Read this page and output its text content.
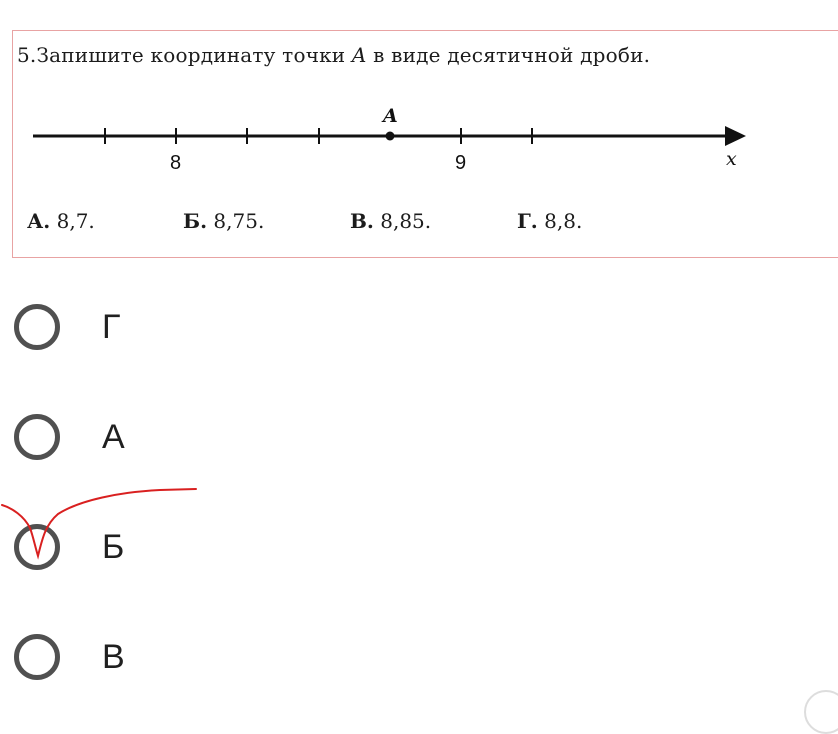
5.Запишите координату точки A в виде десятичной дроби.
A
8	9	x
А. 8,7.	Б. 8,75.	В. 8,85.	Г. 8,8.
Г
А
Б
В
